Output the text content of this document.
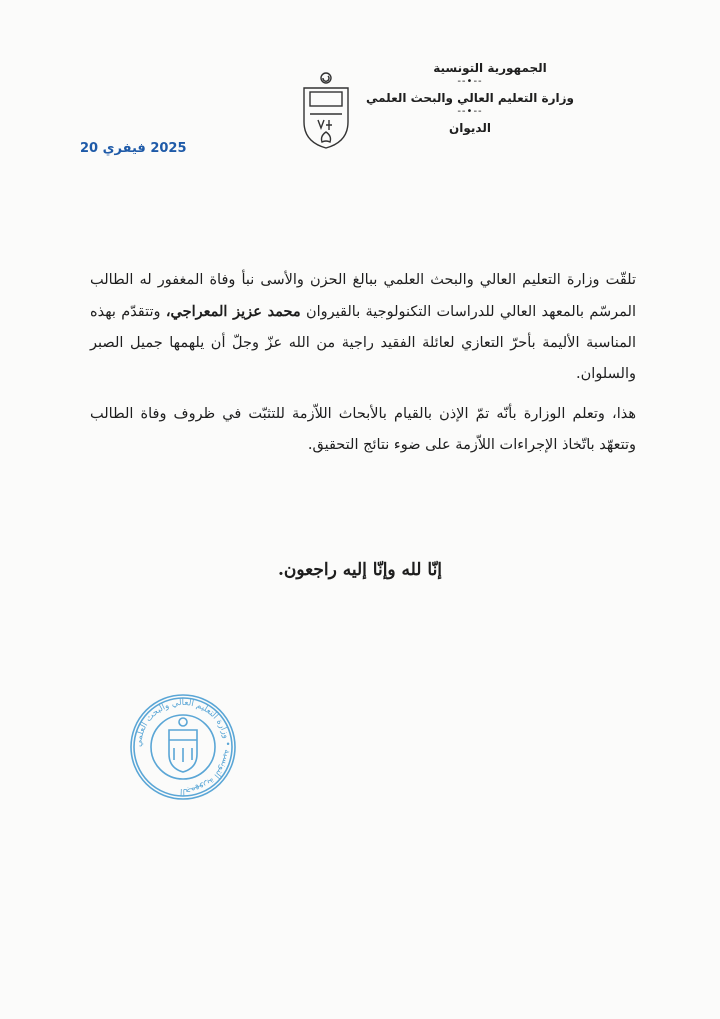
الجمهورية التونسية
--•--
وزارة التعليم العالي والبحث العلمي
--•--
الديوان
2025 فيفري 20

تلقّت وزارة التعليم العالي والبحث العلمي ببالغ الحزن والأسى نبأ وفاة المغفور له الطالب المرسّم بالمعهد العالي للدراسات التكنولوجية بالقيروان محمد عزيز المعراجي، وتتقدّم بهذه المناسبة الأليمة بأحرّ التعازي لعائلة الفقيد راجية من الله عزّ وجلّ أن يلهمها جميل الصبر والسلوان.

هذا، وتعلم الوزارة بأنّه تمّ الإذن بالقيام بالأبحاث اللاّزمة للتثبّت في ظروف وفاة الطالب وتتعهّد باتّخاذ الإجراءات اللاّزمة على ضوء نتائج التحقيق.

إنّا لله وإنّا إليه راجعون.
الجمهورية التونسية • وزارة التعليم العالي والبحث العلمي
